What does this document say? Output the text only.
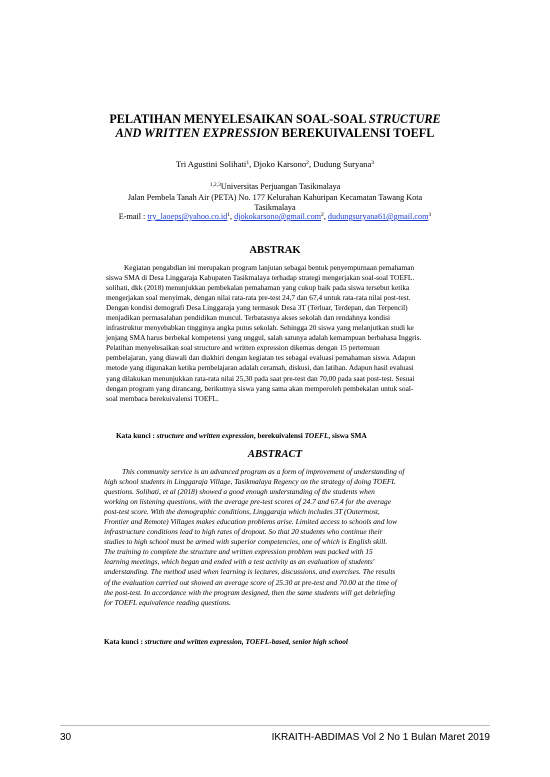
PELATIHAN MENYELESAIKAN SOAL-SOAL STRUCTURE
AND WRITTEN EXPRESSION BEREKUIVALENSI TOEFL
Tri Agustini Solihati$^1$, Djoko Karsono$^2$, Dudung Suryana$^3$
$^{1,2,3}$Universitas Perjuangan Tasikmalaya
Jalan Pembela Tanah Air (PETA) No. 177 Kelurahan Kahuripan Kecamatan Tawang Kota
Tasikmalaya
E-mail : $try\_laoeps@yahoo.co.id^1$, djokokarsono@gmail.com$^2$, dudungsuryana61@gmail.com$^3$
ABSTRAK
Kegiatan pengabdian ini merupakan program lanjutan sebagai bentuk penyempurnaan pemahaman
siswa SMA di Desa Linggaraja Kabupaten Tasikmalaya terhadap strategi mengerjakan soal-soal TOEFL.
solihati, dkk (2018) menunjukkan pembekalan pemahaman yang cukup baik pada siswa tersebut ketika
mengerjakan soal menyimak, dengan nilai rata-rata pre-test 24,7 dan 67,4 untuk rata-rata nilai post-test.
Dengan kondisi demografi Desa Linggaraja yang termasuk Desa 3T (Terluar, Terdepan, dan Terpencil)
menjadikan permasalahan pendidikan muncul. Terbatasnya akses sekolah dan rendahnya kondisi
infrastruktur menyebabkan tingginya angka putus sekolah. Sehingga 20 siswa yang melanjutkan studi ke
jenjang SMA harus berbekal kompetensi yang unggul, salah satunya adalah kemampuan berbahasa Inggris.
Pelatihan menyelesaikan soal structure and written expression dikemas dengan 15 pertemuan
pembelajaran, yang diawali dan diakhiri dengan kegiatan tes sebagai evaluasi pemahaman siswa. Adapun
metode yang digunakan ketika pembelajaran adalah ceramah, diskusi, dan latihan. Adapun hasil evaluasi
yang dilakukan menunjukkan rata-rata nilai 25,30 pada saat pre-test dan 70,00 pada saat post-test. Sesuai
dengan program yang dirancang, berikutnya siswa yang sama akan memperoleh pembekalan untuk soal-
soal membaca berekuivalensi TOEFL.
Kata kunci : structure and written expression, berekuivalensi TOEFL, siswa SMA
ABSTRACT
This community service is an advanced program as a form of improvement of understanding of
high school students in Linggaraja Village, Tasikmalaya Regency on the strategy of doing TOEFL
questions. Solihati, et al (2018) showed a good enough understanding of the students when
working on listening questions, with the average pre-test scores of 24.7 and 67.4 for the average
post-test score. With the demographic conditions, Linggaraja which includes 3T (Outermost,
Frontier and Remote) Villages makes education problems arise. Limited access to schools and low
infrastructure conditions lead to high rates of dropout. So that 20 students who continue their
studies to high school must be armed with superior competencies, one of which is English skill.
The training to complete the structure and written expression problem was packed with 15
learning meetings, which began and ended with a test activity as an evaluation of students'
understanding. The method used when learning is lectures, discussions, and exercises. The results
of the evaluation carried out showed an average score of 25.30 at pre-test and 70.00 at the time of
the post-test. In accordance with the program designed, then the same students will get debriefing
for TOEFL equivalence reading questions.
Kata kunci : structure and written expression, TOEFL-based, senior high school
30	IKRAITH-ABDIMAS Vol 2 No 1 Bulan Maret 2019
